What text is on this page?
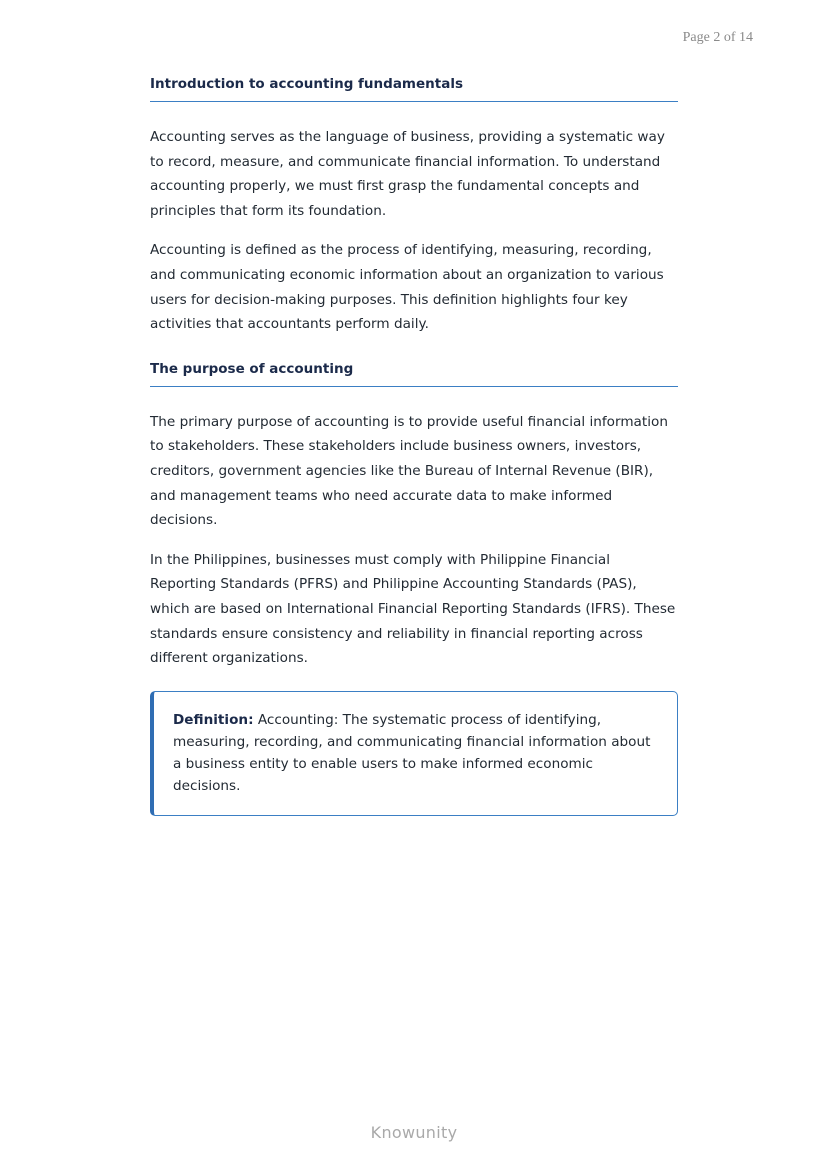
Page 2 of 14
Introduction to accounting fundamentals

Accounting serves as the language of business, providing a systematic way to record, measure, and communicate financial information. To understand accounting properly, we must first grasp the fundamental concepts and principles that form its foundation.

Accounting is defined as the process of identifying, measuring, recording, and communicating economic information about an organization to various users for decision-making purposes. This definition highlights four key activities that accountants perform daily.

The purpose of accounting

The primary purpose of accounting is to provide useful financial information to stakeholders. These stakeholders include business owners, investors, creditors, government agencies like the Bureau of Internal Revenue (BIR), and management teams who need accurate data to make informed decisions.

In the Philippines, businesses must comply with Philippine Financial Reporting Standards (PFRS) and Philippine Accounting Standards (PAS), which are based on International Financial Reporting Standards (IFRS). These standards ensure consistency and reliability in financial reporting across different organizations.

Definition: Accounting: The systematic process of identifying, measuring, recording, and communicating financial information about a business entity to enable users to make informed economic decisions.
Knowunity
